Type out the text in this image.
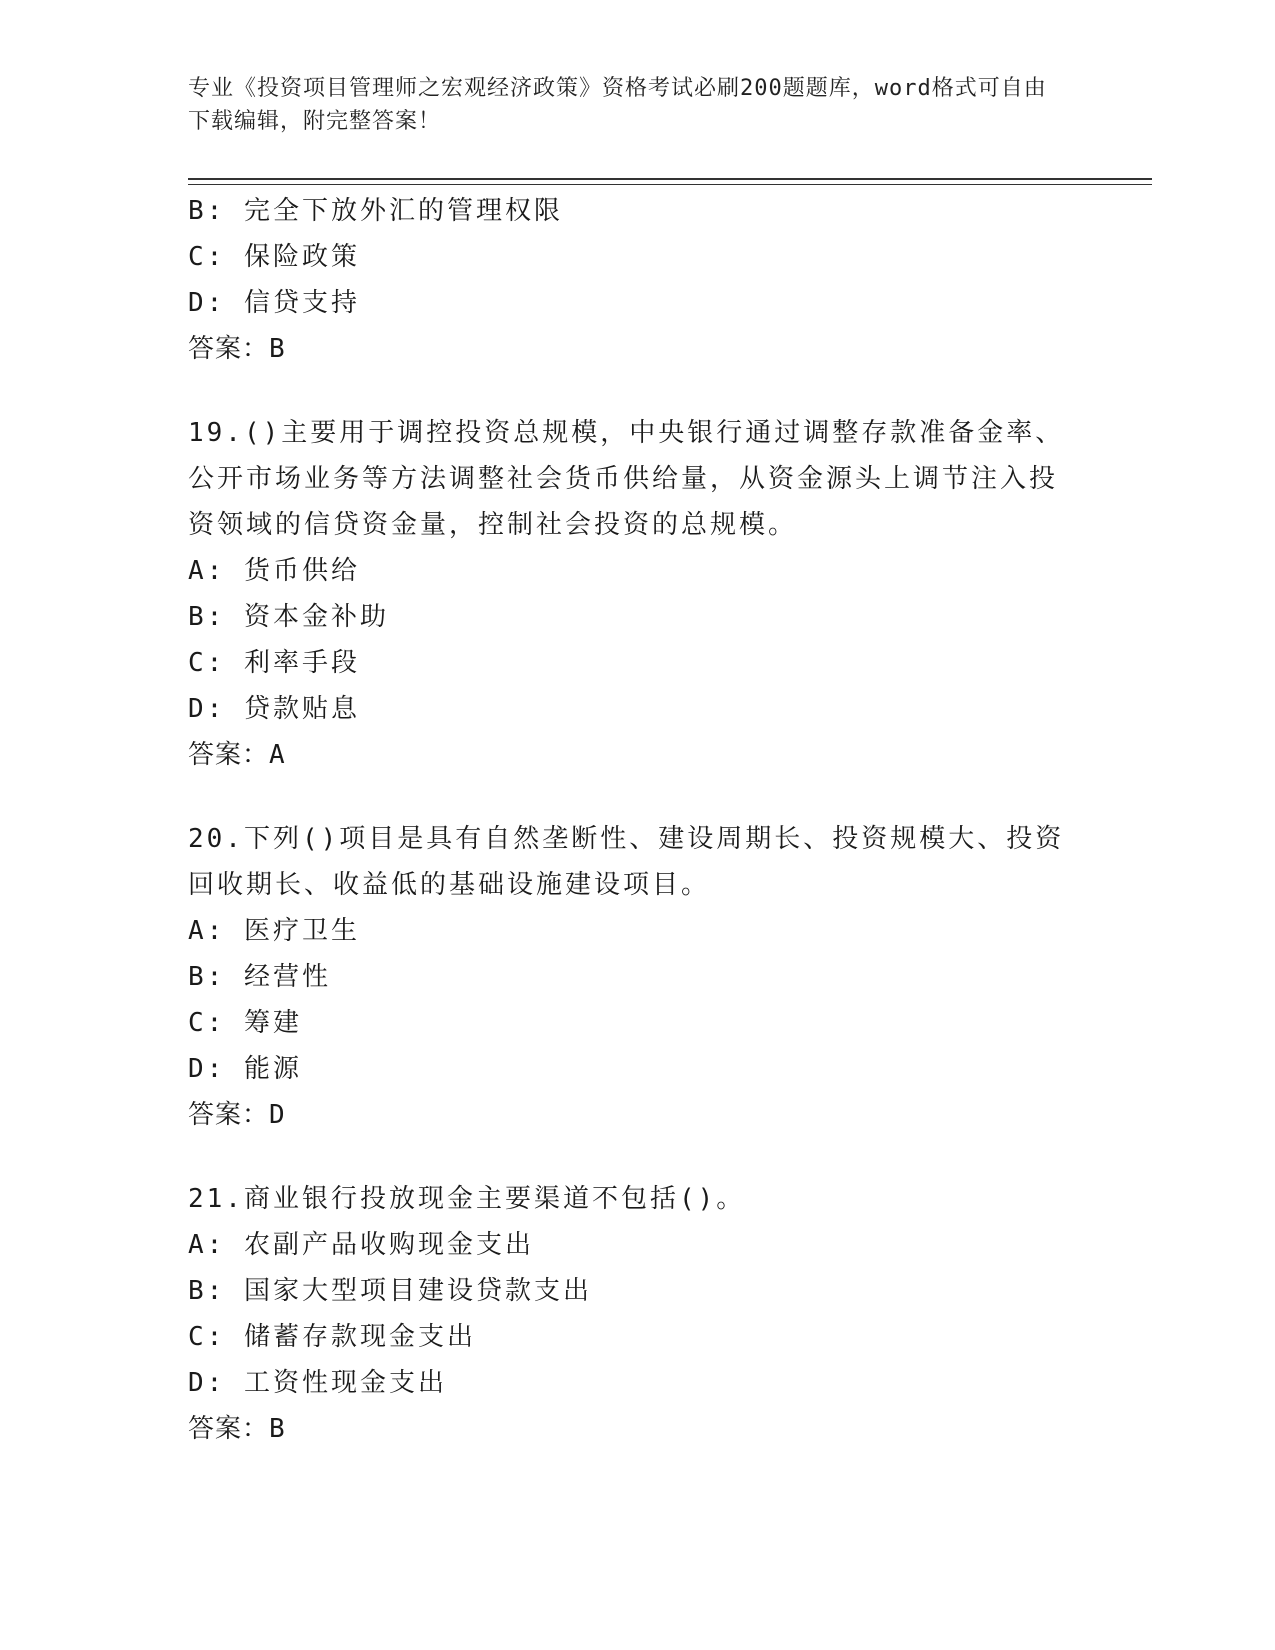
专业《投资项目管理师之宏观经济政策》资格考试必刷200题题库，word格式可自由下载编辑，附完整答案！
B: 完全下放外汇的管理权限
C: 保险政策
D: 信贷支持
答案：B
19.()主要用于调控投资总规模，中央银行通过调整存款准备金率、公开市场业务等方法调整社会货币供给量，从资金源头上调节注入投资领域的信贷资金量，控制社会投资的总规模。
A: 货币供给
B: 资本金补助
C: 利率手段
D: 贷款贴息
答案：A
20.下列()项目是具有自然垄断性、建设周期长、投资规模大、投资回收期长、收益低的基础设施建设项目。
A: 医疗卫生
B: 经营性
C: 筹建
D: 能源
答案：D
21.商业银行投放现金主要渠道不包括()。
A: 农副产品收购现金支出
B: 国家大型项目建设贷款支出
C: 储蓄存款现金支出
D: 工资性现金支出
答案：B
